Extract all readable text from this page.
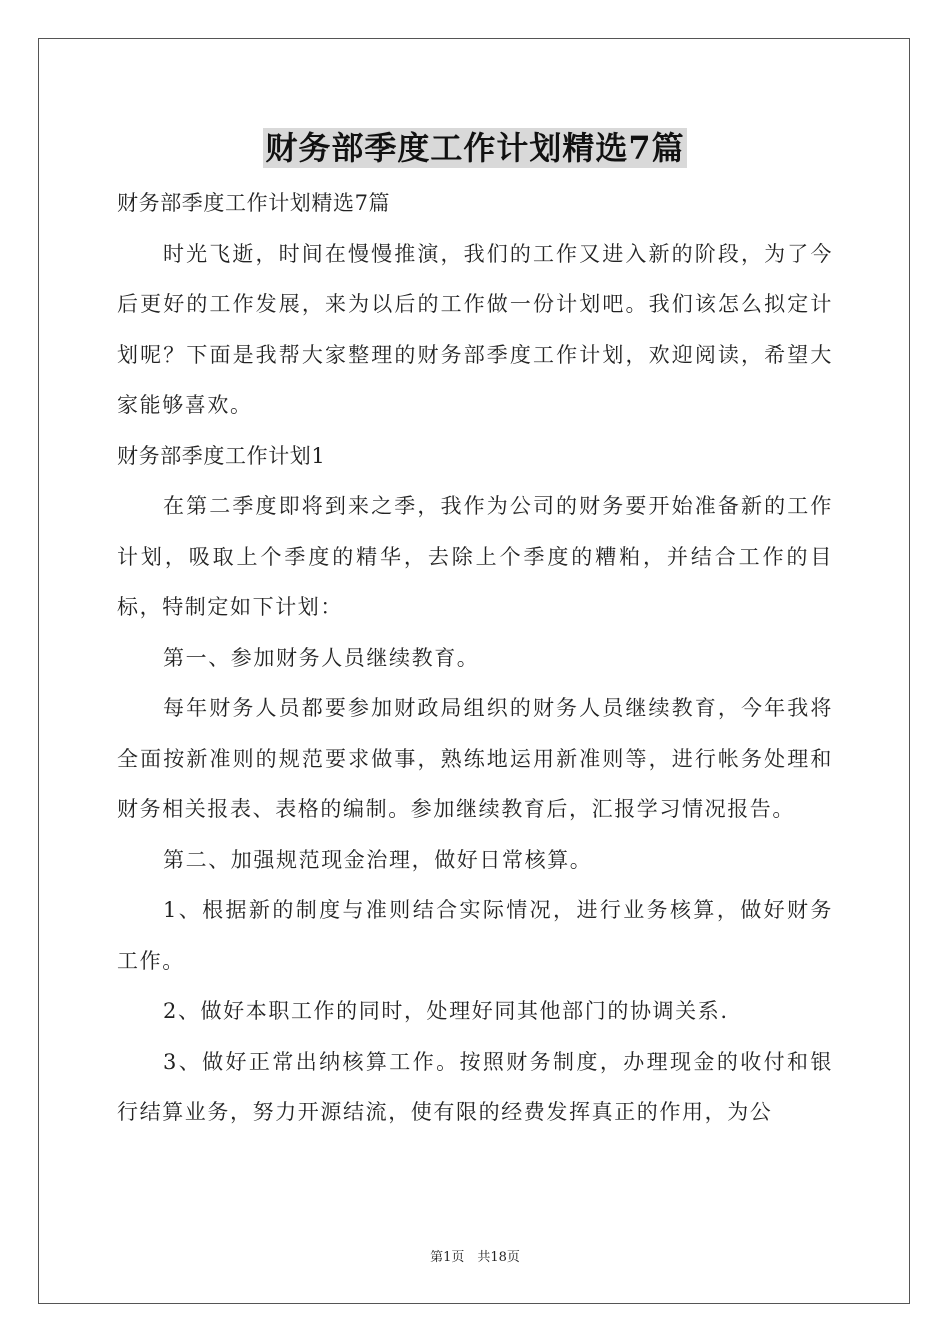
财务部季度工作计划精选7篇

财务部季度工作计划精选7篇

时光飞逝，时间在慢慢推演，我们的工作又进入新的阶段，为了今后更好的工作发展，来为以后的工作做一份计划吧。我们该怎么拟定计划呢？下面是我帮大家整理的财务部季度工作计划，欢迎阅读，希望大家能够喜欢。

财务部季度工作计划1

在第二季度即将到来之季，我作为公司的财务要开始准备新的工作计划，吸取上个季度的精华，去除上个季度的糟粕，并结合工作的目标，特制定如下计划：

第一、参加财务人员继续教育。

每年财务人员都要参加财政局组织的财务人员继续教育，今年我将全面按新准则的规范要求做事，熟练地运用新准则等，进行帐务处理和财务相关报表、表格的编制。参加继续教育后，汇报学习情况报告。

第二、加强规范现金治理，做好日常核算。

1、根据新的制度与准则结合实际情况，进行业务核算，做好财务工作。

2、做好本职工作的同时，处理好同其他部门的协调关系.

3、做好正常出纳核算工作。按照财务制度，办理现金的收付和银行结算业务，努力开源结流，使有限的经费发挥真正的作用，为公

第1页　共18页
